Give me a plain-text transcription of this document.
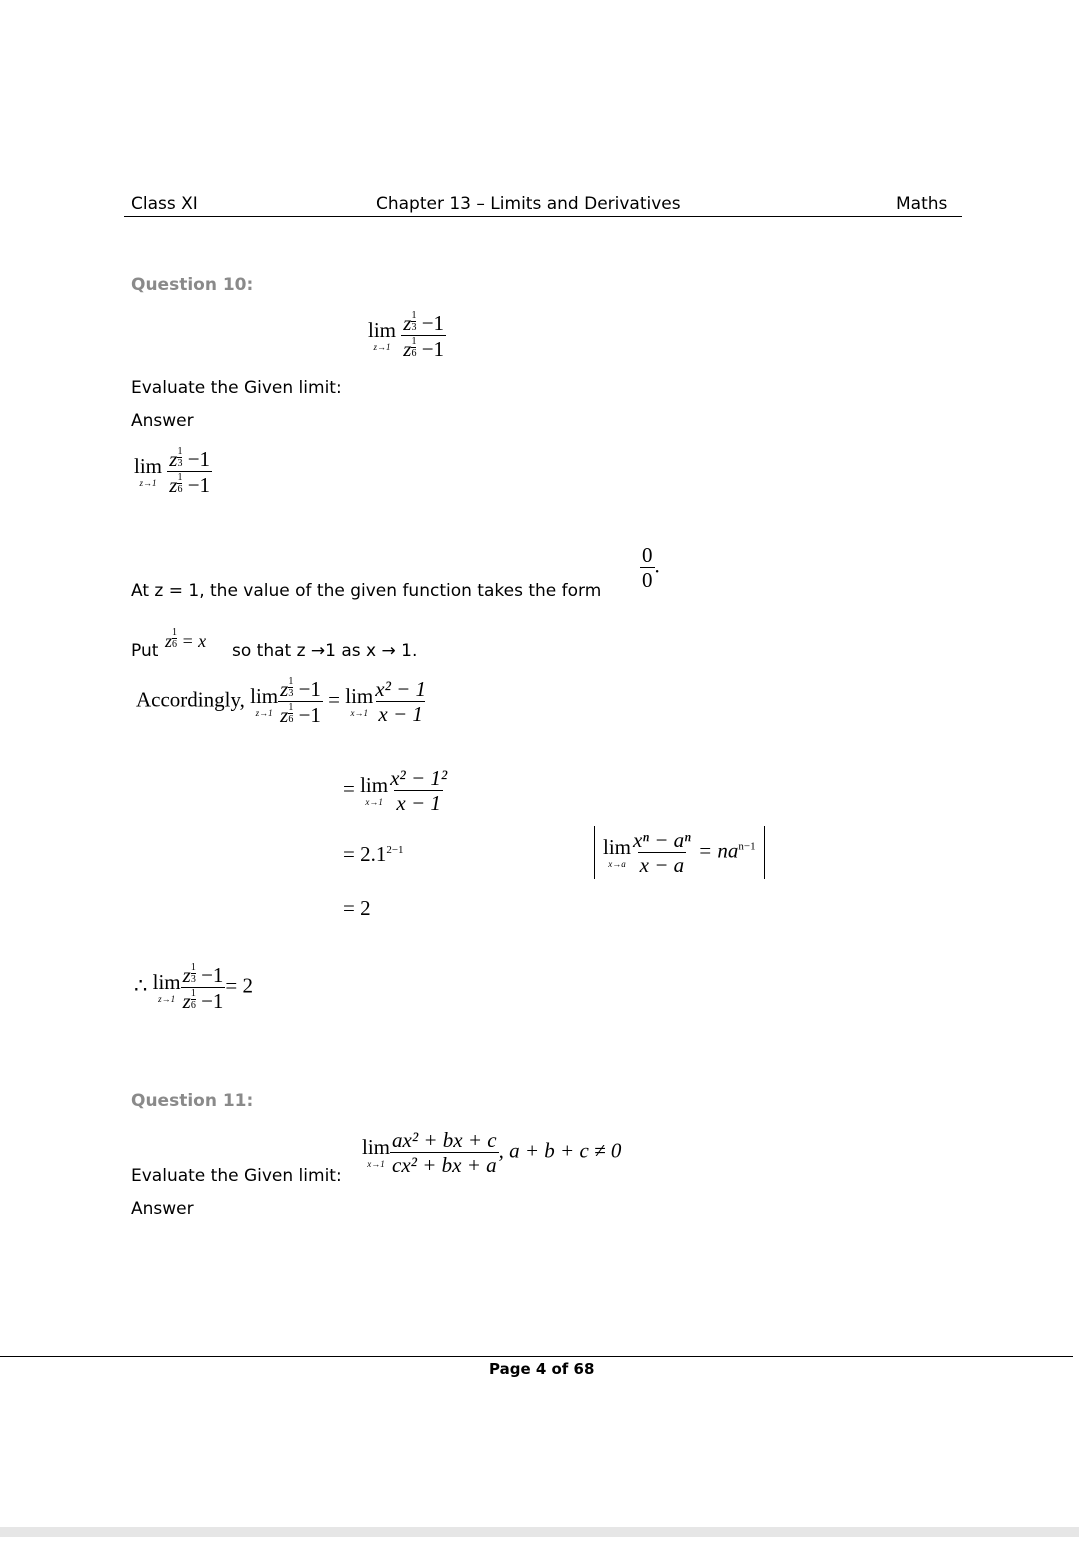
Class XI	Chapter 13 – Limits and Derivatives	Maths
Question 10:
lim
z→1
$\frac{z \frac{1}{3} -1}{z \frac{1}{6} -1}$
Evaluate the Given limit:
Answer
lim
z→1
$\frac{z \frac{1}{3} -1}{z \frac{1}{6} -1}$
At z = 1, the value of the given function takes the form $\frac{0}{0}$ .
Put z $\frac{1}{6} = x$ so that z →1 as x → 1.
Accordingly, lim
$z\to 1 \frac{z \frac{1}{3} -1}{z \frac{1}{6} -1} = \lim$
$x\to 1 \frac{\text{x² − 1}}{x - 1}$
= lim
$x\to 1 \frac{\text{x² − 1²}}{x - 1}$
= $2.1^{2-1}$	lim
$x\to a \frac{\text{xⁿ − aⁿ}}{x - a} = na^{n-1}$
= 2
∴ lim
$z\to 1 \frac{z \frac{1}{3} -1}{z \frac{1}{6} -1} = 2$
Question 11:
Evaluate the Given limit:
lim
$x\to 1 \frac{\text{ax² + bx + c}}{\text{cx² + bx + a}}$ , a + b + c ≠ 0
Answer
Page 4 of 68
